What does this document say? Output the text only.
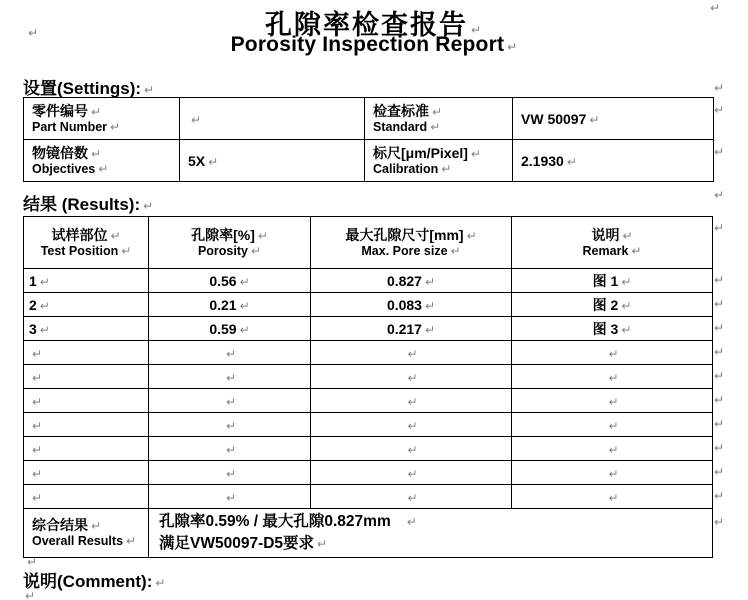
孔隙率检查报告 ↵
Porosity Inspection Report ↵
设置(Settings): ↵
零件编号 ↵
Part Number ↵	↵	检查标准 ↵
Standard ↵	VW 50097 ↵

物镜倍数 ↵
Objectives ↵	5X ↵	标尺[μm/Pixel] ↵
Calibration ↵	2.1930 ↵
结果 (Results): ↵
试样部位 ↵
Test Position ↵	孔隙率[%] ↵
Porosity ↵	最大孔隙尺寸[mm] ↵
Max. Pore size ↵	说明 ↵
Remark ↵

1 ↵	0.56 ↵	0.827 ↵	图 1 ↵
2 ↵	0.21 ↵	0.083 ↵	图 2 ↵
3 ↵	0.59 ↵	0.217 ↵	图 3 ↵
↵	↵	↵	↵
↵	↵	↵	↵
↵	↵	↵	↵
↵	↵	↵	↵
↵	↵	↵	↵
↵	↵	↵	↵
↵	↵	↵	↵

综合结果 ↵
Overall Results ↵	孔隙率0.59% / 最大孔隙0.827mm ↵
满足VW50097-D5要求 ↵		
说明(Comment): ↵
↵
↵
↵
↵
↵
↵
↵
↵
↵
↵
↵
↵
↵
↵
↵
↵
↵
↵
↵
↵
